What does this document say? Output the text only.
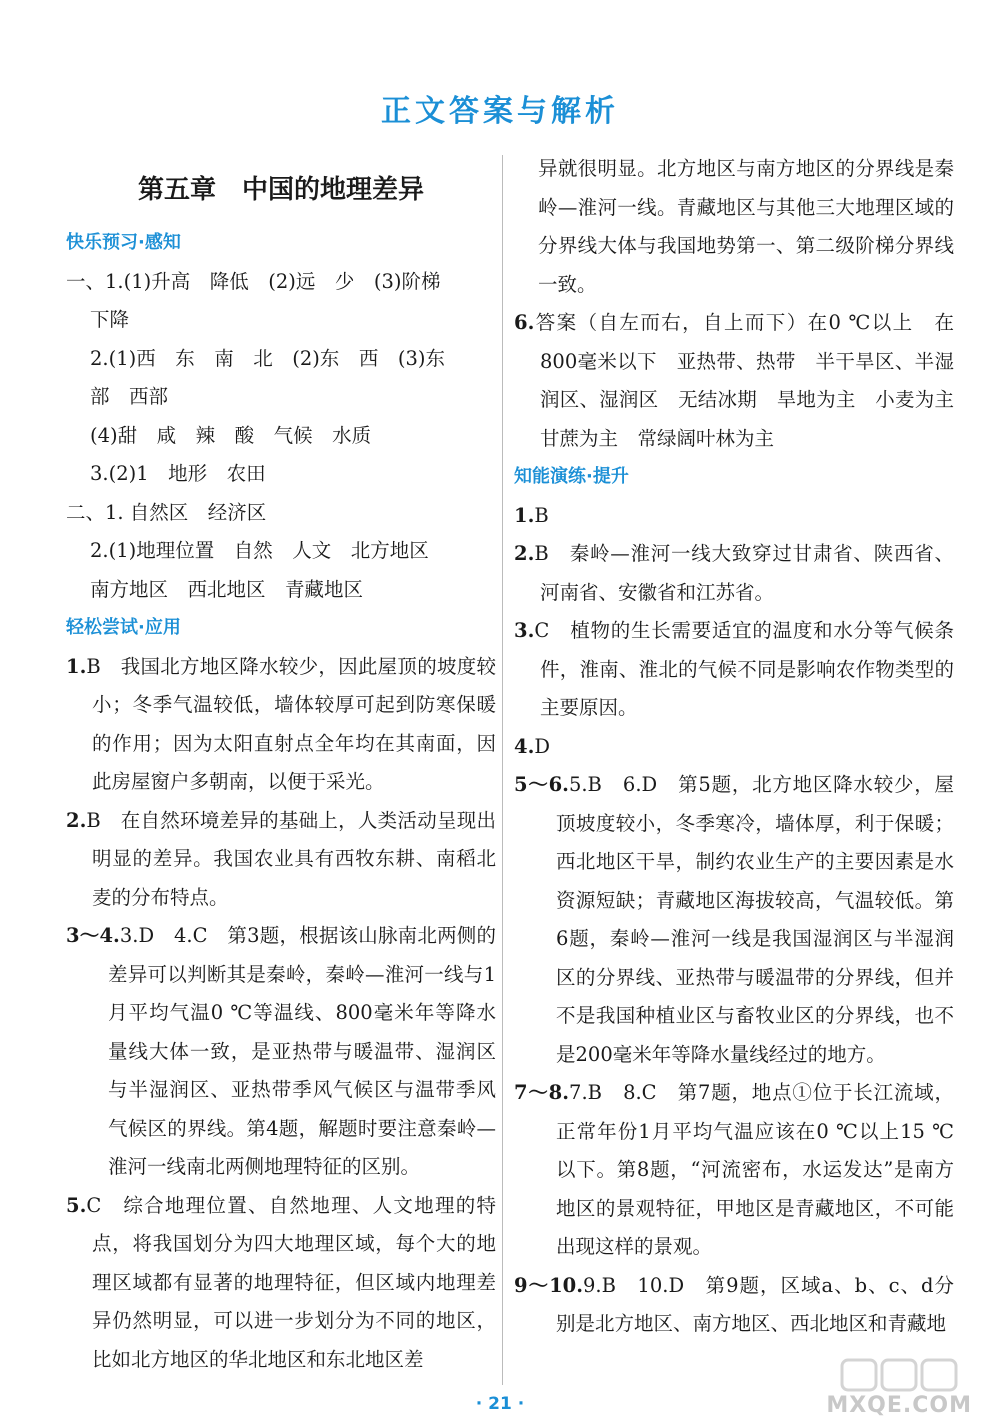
正文答案与解析
第五章　中国的地理差异
快乐预习·感知

一、1.(1)升高　降低　(2)远　少　(3)阶梯

下降

2.(1)西　东　南　北　(2)东　西　(3)东

部　西部

(4)甜　咸　辣　酸　气候　水质

3.(2)1　地形　农田

二、1. 自然区　经济区

2.(1)地理位置　自然　人文　北方地区

南方地区　西北地区　青藏地区

轻松尝试·应用

1.B　我国北方地区降水较少，因此屋顶的坡度较小；冬季气温较低，墙体较厚可起到防寒保暖的作用；因为太阳直射点全年均在其南面，因此房屋窗户多朝南，以便于采光。

2.B　在自然环境差异的基础上，人类活动呈现出明显的差异。我国农业具有西牧东耕、南稻北麦的分布特点。

3～4.3.D　4.C　第3题，根据该山脉南北两侧的差异可以判断其是秦岭，秦岭—淮河一线与1月平均气温0 ℃等温线、800毫米年等降水量线大体一致，是亚热带与暖温带、湿润区与半湿润区、亚热带季风气候区与温带季风气候区的界线。第4题，解题时要注意秦岭—淮河一线南北两侧地理特征的区别。

5.C　综合地理位置、自然地理、人文地理的特点，将我国划分为四大地理区域，每个大的地理区域都有显著的地理特征，但区域内地理差异仍然明显，可以进一步划分为不同的地区，比如北方地区的华北地区和东北地区差

异就很明显。北方地区与南方地区的分界线是秦岭—淮河一线。青藏地区与其他三大地理区域的分界线大体与我国地势第一、第二级阶梯分界线一致。

6.答案（自左而右，自上而下）在0 ℃以上　在800毫米以下　亚热带、热带　半干旱区、半湿润区、湿润区　无结冰期　旱地为主　小麦为主　甘蔗为主　常绿阔叶林为主

知能演练·提升

1.B

2.B　秦岭—淮河一线大致穿过甘肃省、陕西省、河南省、安徽省和江苏省。

3.C　植物的生长需要适宜的温度和水分等气候条件，淮南、淮北的气候不同是影响农作物类型的主要原因。

4.D

5～6.5.B　6.D　第5题，北方地区降水较少，屋顶坡度较小，冬季寒冷，墙体厚，利于保暖；西北地区干旱，制约农业生产的主要因素是水资源短缺；青藏地区海拔较高，气温较低。第6题，秦岭—淮河一线是我国湿润区与半湿润区的分界线、亚热带与暖温带的分界线，但并不是我国种植业区与畜牧业区的分界线，也不是200毫米年等降水量线经过的地方。

7～8.7.B　8.C　第7题，地点①位于长江流域，正常年份1月平均气温应该在0 ℃以上15 ℃以下。第8题，“河流密布，水运发达”是南方地区的景观特征，甲地区是青藏地区，不可能出现这样的景观。

9～10.9.B　10.D　第9题，区域a、b、c、d分别是北方地区、南方地区、西北地区和青藏地

· 21 ·	MXQE.COM
